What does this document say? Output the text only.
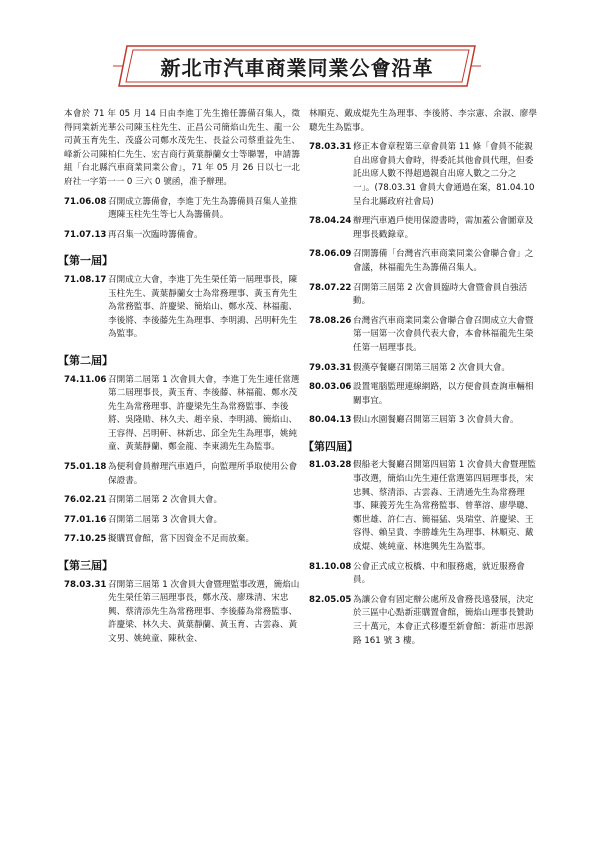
新北市汽車商業同業公會沿革

本會於 71 年 05 月 14 日由李進丁先生擔任籌備召集人，徵得同業新光華公司陳玉柱先生、正昌公司簡焰山先生、龍一公司黃玉育先生、茂盛公司鄭水茂先生、長益公司蔡重益先生、峰新公司陳柏仁先生、宏吉商行黃葉靜蘭女士等聯署，申請籌組「台北縣汽車商業同業公會」，71 年 05 月 26 日以七一北府社一字第一一 0 三六 0 號函，准予辦理。

71.06.08 召開成立籌備會，李進丁先生為籌備員召集人並推選陳玉柱先生等七人為籌備員。
71.07.13 再召集一次臨時籌備會。
【第一屆】
71.08.17 召開成立大會，李進丁先生榮任第一屆理事長，陳玉柱先生、黃葉靜蘭女士為常務理事、黃玉育先生為常務監事、許慶梁、簡焰山、鄭水茂、林福龍、李後將、李後藤先生為理事、李明鴻、呂明軒先生為監事。
【第二屆】
74.11.06 召開第二屆第 1 次會員大會，李進丁先生連任當選第二屆理事長，黃玉育、李後藤、林福龍、鄭水茂先生為常務理事、許慶梁先生為常務監事、李後將、吳隆勛、林久夫、趙辛泉、李明鴻、簡焰山、王容得、呂明軒、林新忠、邱全先生為理事，姚純童、黃葉靜蘭、鄭金龍、李東鴻先生為監事。
75.01.18 為便利會員辦理汽車過戶，向監理所爭取使用公會保證書。
76.02.21 召開第二屆第 2 次會員大會。
77.01.16 召開第二屆第 3 次會員大會。
77.10.25 擬購買會館，當下因資金不足而放棄。
【第三屆】
78.03.31 召開第三屆第 1 次會員大會暨理監事改選，簡焰山先生榮任第三屆理事長，鄭水茂、廖珠清、宋忠興、蔡清添先生為常務理事、李後藤為常務監事、許慶梁、林久夫、黃葉靜蘭、黃玉育、古雲淼、黃文男、姚純童、陳秋金、

林順克、戴成焜先生為理事、李後將、李宗憲、余淑、廖學聰先生為監事。

78.03.31 修正本會章程第三章會員第 11 條「會員不能親自出席會員大會時，得委託其他會員代理，但委託出席人數不得超過親自出席人數之二分之一」。(78.03.31 會員大會通過在案，81.04.10 呈台北縣政府社會局)
78.04.24 辦理汽車過戶使用保證書時，需加蓋公會圖章及理事長戳錄章。
78.06.09 召開籌備「台灣省汽車商業同業公會聯合會」之會議，林福龍先生為籌備召集人。
78.07.22 召開第三屆第 2 次會員臨時大會暨會員自強活動。
78.08.26 台灣省汽車商業同業公會聯合會召開成立大會暨第一屆第一次會員代表大會，本會林福龍先生榮任第一屆理事長。
79.03.31 假漢亭餐廳召開第三屆第 2 次會員大會。
80.03.06 設置電腦監理連線網路，以方便會員查詢車輛相關事宜。
80.04.13 假山水園餐廳召開第三屆第 3 次會員大會。
【第四屆】
81.03.28 假船老大餐廳召開第四屆第 1 次會員大會暨理監事改選，簡焰山先生連任當選第四屆理事長，宋忠興、蔡清添、古雲淼、王清通先生為常務理事、陳義芳先生為常務監事、曾華溶、廖學聰、鄭世雄、許仁吉、簡福猛、吳瑞堂、許慶梁、王容得、賴呈貴、李勝雄先生為理事、林順克、戴成焜、姚純童、林進興先生為監事。
81.10.08 公會正式成立板橋、中和服務處，就近服務會員。
82.05.05 為讓公會有固定辦公處所及會務長遠發展，決定於三區中心點新莊購置會館，簡焰山理事長贊助三十萬元，本會正式移遷至新會館：新莊市思源路 161 號 3 樓。
